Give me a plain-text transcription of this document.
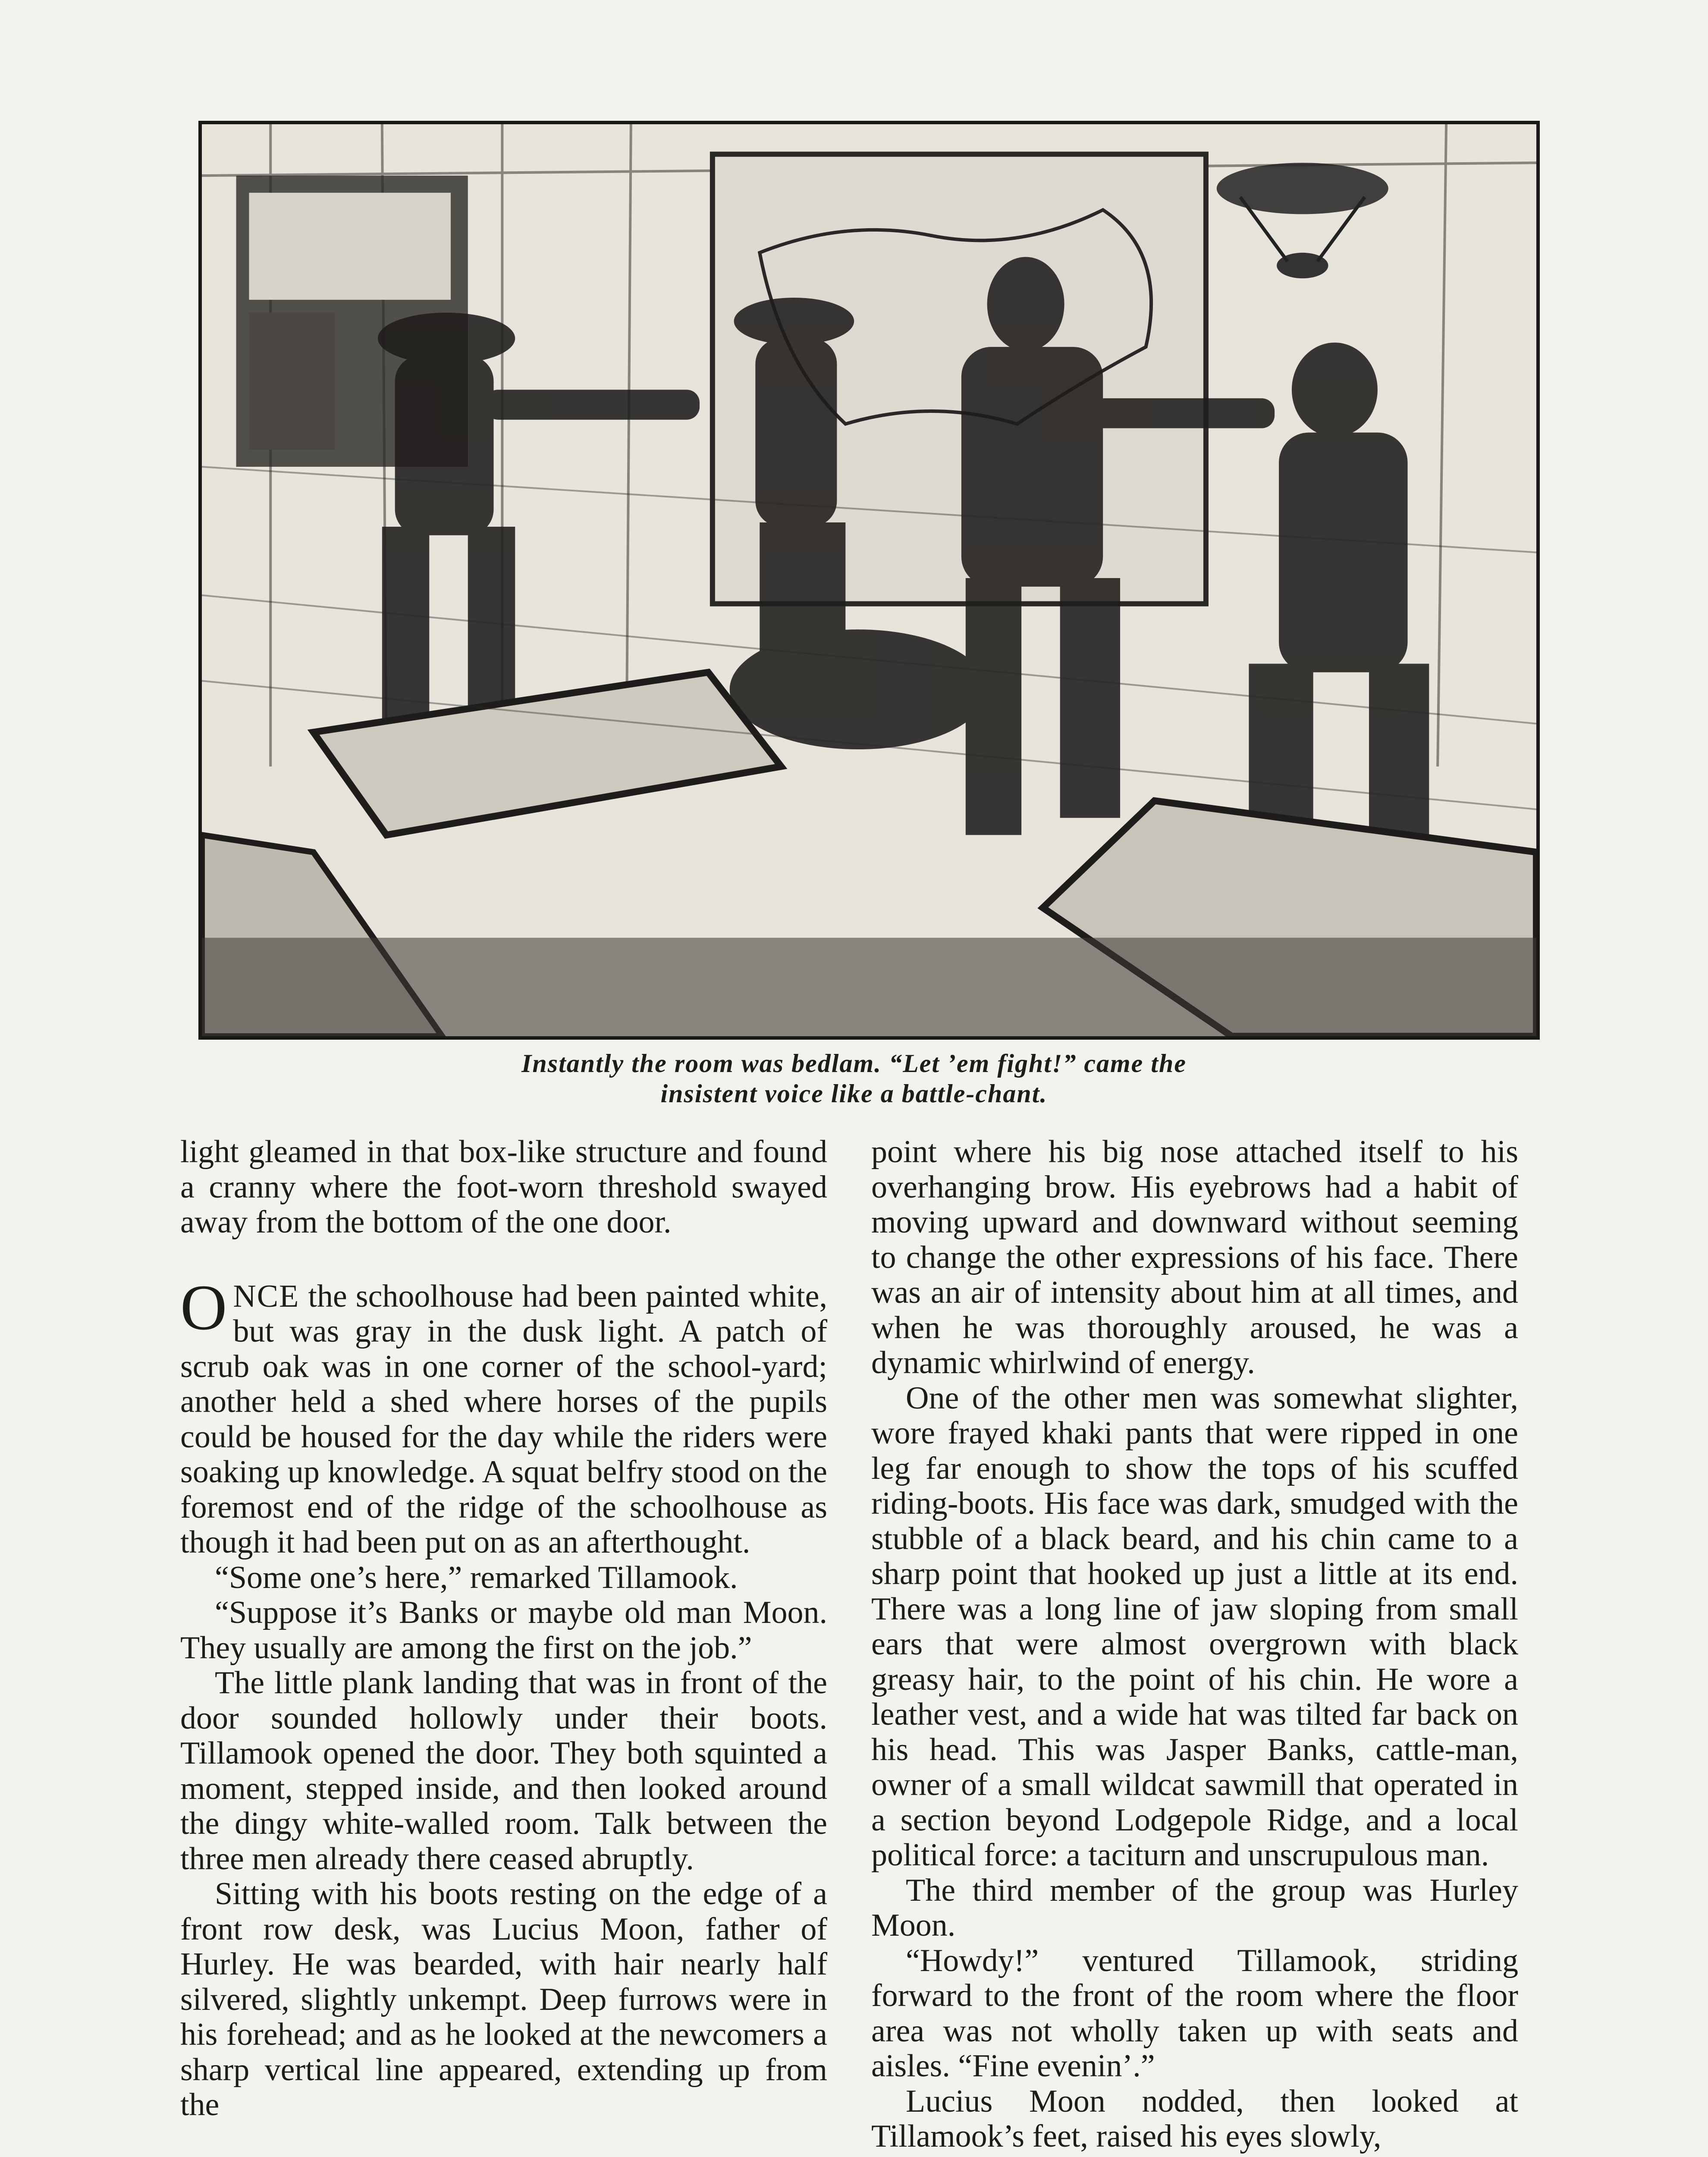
Instantly the room was bedlam. “Let ’em fight!” came the
insistent voice like a battle-chant.

light gleamed in that box-like structure and found a cranny where the foot-worn threshold swayed away from the bottom of the one door.

ONCE the schoolhouse had been painted white, but was gray in the dusk light. A patch of scrub oak was in one corner of the school-yard; another held a shed where horses of the pupils could be housed for the day while the riders were soaking up knowledge. A squat belfry stood on the foremost end of the ridge of the schoolhouse as though it had been put on as an afterthought.

“Some one’s here,” remarked Tillamook.

“Suppose it’s Banks or maybe old man Moon. They usually are among the first on the job.”

The little plank landing that was in front of the door sounded hollowly under their boots. Tillamook opened the door. They both squinted a moment, stepped inside, and then looked around the dingy white-walled room. Talk between the three men already there ceased abruptly.

Sitting with his boots resting on the edge of a front row desk, was Lucius Moon, father of Hurley. He was bearded, with hair nearly half silvered, slightly unkempt. Deep furrows were in his forehead; and as he looked at the newcomers a sharp vertical line appeared, extending up from the

point where his big nose attached itself to his overhanging brow. His eyebrows had a habit of moving upward and downward without seeming to change the other expressions of his face. There was an air of intensity about him at all times, and when he was thoroughly aroused, he was a dynamic whirlwind of energy.

One of the other men was somewhat slighter, wore frayed khaki pants that were ripped in one leg far enough to show the tops of his scuffed riding-boots. His face was dark, smudged with the stubble of a black beard, and his chin came to a sharp point that hooked up just a little at its end. There was a long line of jaw sloping from small ears that were almost overgrown with black greasy hair, to the point of his chin. He wore a leather vest, and a wide hat was tilted far back on his head. This was Jasper Banks, cattle-man, owner of a small wildcat sawmill that operated in a section beyond Lodgepole Ridge, and a local political force: a taciturn and unscrupulous man.

The third member of the group was Hurley Moon.

“Howdy!” ventured Tillamook, striding forward to the front of the room where the floor area was not wholly taken up with seats and aisles. “Fine evenin’.”

Lucius Moon nodded, then looked at Tillamook’s feet, raised his eyes slowly,
